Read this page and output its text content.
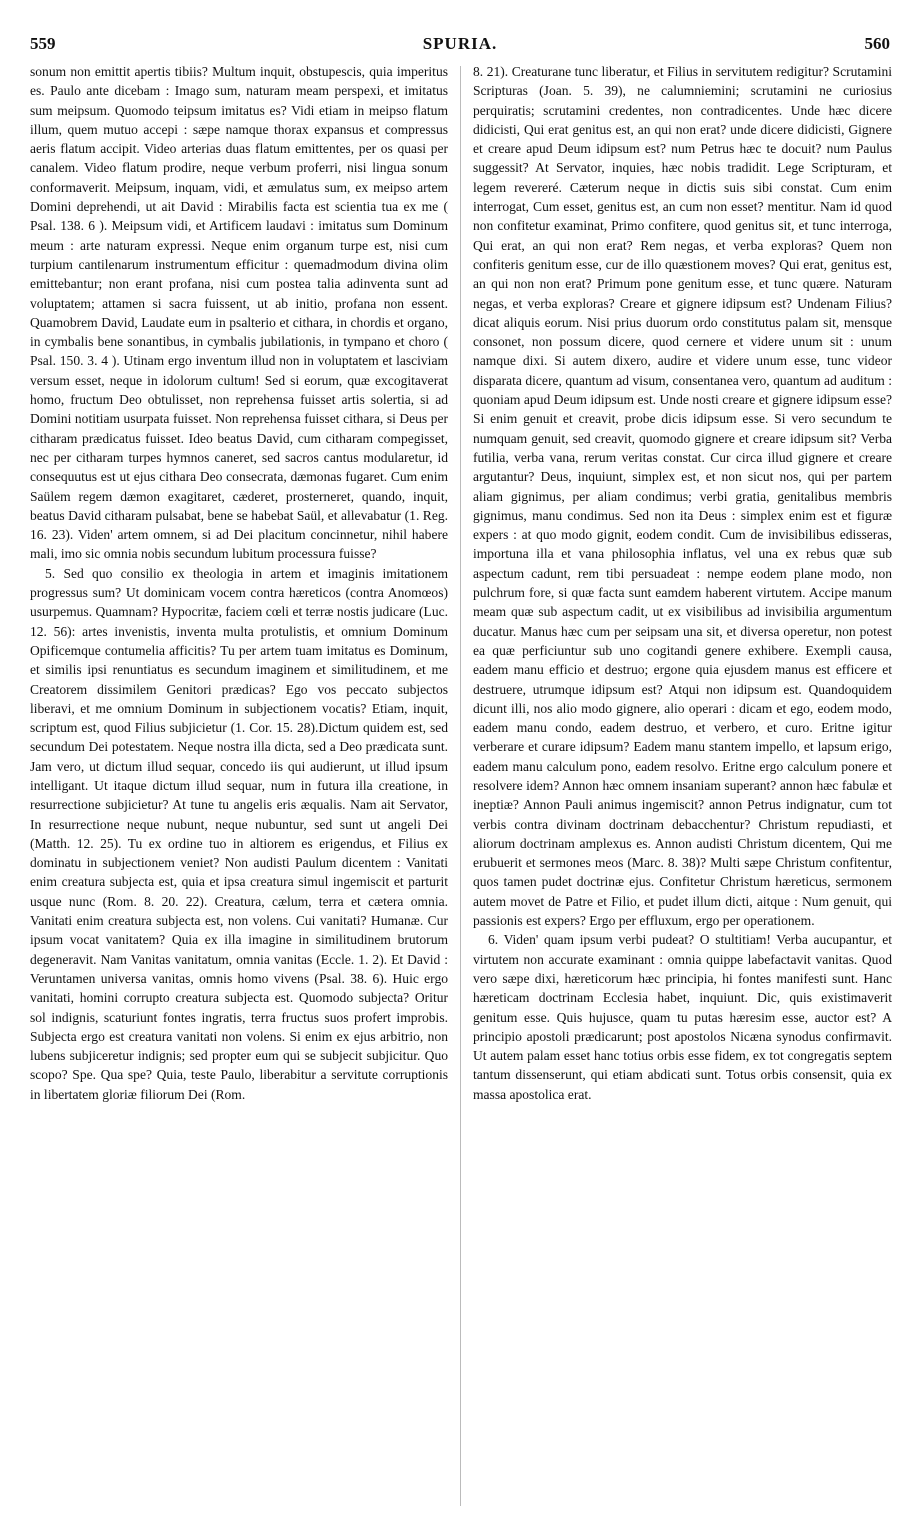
559	SPURIA.	560

sonum non emittit apertis tibiis? Multum inquit, obstupescis, quia imperitus es. Paulo ante dicebam : Imago sum, naturam meam perspexi, et imitatus sum meipsum. Quomodo teipsum imitatus es? Vidi etiam in meipso flatum illum, quem mutuo accepi : sæpe namque thorax expansus et compressus aeris flatum accipit. Video arterias duas flatum emittentes, per os quasi per canalem. Video flatum prodire, neque verbum proferri, nisi lingua sonum conformaverit. Meipsum, inquam, vidi, et æmulatus sum, ex meipso artem Domini deprehendi, ut ait David : Mirabilis facta est scientia tua ex me ( Psal. 138. 6 ). Meipsum vidi, et Artificem laudavi : imitatus sum Dominum meum : arte naturam expressi. Neque enim organum turpe est, nisi cum turpium cantilenarum instrumentum efficitur : quemadmodum divina olim emittebantur; non erant profana, nisi cum postea talia adinventa sunt ad voluptatem; attamen si sacra fuissent, ut ab initio, profana non essent. Quamobrem David, Laudate eum in psalterio et cithara, in chordis et organo, in cymbalis bene sonantibus, in cymbalis jubilationis, in tympano et choro ( Psal. 150. 3. 4 ). Utinam ergo inventum illud non in voluptatem et lasciviam versum esset, neque in idolorum cultum! Sed si eorum, quæ excogitaverat homo, fructum Deo obtulisset, non reprehensa fuisset artis solertia, si ad Domini notitiam usurpata fuisset. Non reprehensa fuisset cithara, si Deus per citharam prædicatus fuisset. Ideo beatus David, cum citharam compegisset, nec per citharam turpes hymnos caneret, sed sacros cantus modularetur, id consequutus est ut ejus cithara Deo consecrata, dæmonas fugaret. Cum enim Saülem regem dæmon exagitaret, cæderet, prosterneret, quando, inquit, beatus David citharam pulsabat, bene se habebat Saül, et allevabatur (1. Reg. 16. 23). Viden' artem omnem, si ad Dei placitum concinnetur, nihil habere mali, imo sic omnia nobis secundum lubitum processura fuisse?

5. Sed quo consilio ex theologia in artem et imaginis imitationem progressus sum? Ut dominicam vocem contra hæreticos (contra Anomœos) usurpemus. Quamnam? Hypocritæ, faciem cœli et terræ nostis judicare (Luc. 12. 56): artes invenistis, inventa multa protulistis, et omnium Dominum Opificemque contumelia afficitis? Tu per artem tuam imitatus es Dominum, et similis ipsi renuntiatus es secundum imaginem et similitudinem, et me Creatorem dissimilem Genitori prædicas? Ego vos peccato subjectos liberavi, et me omnium Dominum in subjectionem vocatis? Etiam, inquit, scriptum est, quod Filius subjicietur (1. Cor. 15. 28).Dictum quidem est, sed secundum Dei potestatem. Neque nostra illa dicta, sed a Deo prædicata sunt. Jam vero, ut dictum illud sequar, concedo iis qui audierunt, ut illud ipsum intelligant. Ut itaque dictum illud sequar, num in futura illa creatione, in resurrectione subjicietur? At tune tu angelis eris æqualis. Nam ait Servator, In resurrectione neque nubunt, neque nubuntur, sed sunt ut angeli Dei (Matth. 12. 25). Tu ex ordine tuo in altiorem es erigendus, et Filius ex dominatu in subjectionem veniet? Non audisti Paulum dicentem : Vanitati enim creatura subjecta est, quia et ipsa creatura simul ingemiscit et parturit usque nunc (Rom. 8. 20. 22). Creatura, cælum, terra et cætera omnia. Vanitati enim creatura subjecta est, non volens. Cui vanitati? Humanæ. Cur ipsum vocat vanitatem? Quia ex illa imagine in similitudinem brutorum degeneravit. Nam Vanitas vanitatum, omnia vanitas (Eccle. 1. 2). Et David : Veruntamen universa vanitas, omnis homo vivens (Psal. 38. 6). Huic ergo vanitati, homini corrupto creatura subjecta est. Quomodo subjecta? Oritur sol indignis, scaturiunt fontes ingratis, terra fructus suos profert improbis. Subjecta ergo est creatura vanitati non volens. Si enim ex ejus arbitrio, non lubens subjiceretur indignis; sed propter eum qui se subjecit subjicitur. Quo scopo? Spe. Qua spe? Quia, teste Paulo, liberabitur a servitute corruptionis in libertatem gloriæ filiorum Dei (Rom.

8. 21). Creaturane tunc liberatur, et Filius in servitutem redigitur? Scrutamini Scripturas (Joan. 5. 39), ne calumniemini; scrutamini ne curiosius perquiratis; scrutamini credentes, non contradicentes. Unde hæc dicere didicisti, Qui erat genitus est, an qui non erat? unde dicere didicisti, Gignere et creare apud Deum idipsum est? num Petrus hæc te docuit? num Paulus suggessit? At Servator, inquies, hæc nobis tradidit. Lege Scripturam, et legem revereré. Cæterum neque in dictis suis sibi constat. Cum enim interrogat, Cum esset, genitus est, an cum non esset? mentitur. Nam id quod non confitetur examinat, Primo confitere, quod genitus sit, et tunc interroga, Qui erat, an qui non erat? Rem negas, et verba exploras? Quem non confiteris genitum esse, cur de illo quæstionem moves? Qui erat, genitus est, an qui non non erat? Primum pone genitum esse, et tunc quære. Naturam negas, et verba exploras? Creare et gignere idipsum est? Undenam Filius? dicat aliquis eorum. Nisi prius duorum ordo constitutus palam sit, mensque consonet, non possum dicere, quod cernere et videre unum sit : unum namque dixi. Si autem dixero, audire et videre unum esse, tunc videor disparata dicere, quantum ad visum, consentanea vero, quantum ad auditum : quoniam apud Deum idipsum est. Unde nosti creare et gignere idipsum esse? Si enim genuit et creavit, probe dicis idipsum esse. Si vero secundum te numquam genuit, sed creavit, quomodo gignere et creare idipsum sit? Verba futilia, verba vana, rerum veritas constat. Cur circa illud gignere et creare argutantur? Deus, inquiunt, simplex est, et non sicut nos, qui per partem aliam gignimus, per aliam condimus; verbi gratia, genitalibus membris gignimus, manu condimus. Sed non ita Deus : simplex enim est et figuræ expers : at quo modo gignit, eodem condit. Cum de invisibilibus edisseras, importuna illa et vana philosophia inflatus, vel una ex rebus quæ sub aspectum cadunt, rem tibi persuadeat : nempe eodem plane modo, non pulchrum fore, si quæ facta sunt eamdem haberent virtutem. Accipe manum meam quæ sub aspectum cadit, ut ex visibilibus ad invisibilia argumentum ducatur. Manus hæc cum per seipsam una sit, et diversa operetur, non potest ea quæ perficiuntur sub uno cogitandi genere exhibere. Exempli causa, eadem manu efficio et destruo; ergone quia ejusdem manus est efficere et destruere, utrumque idipsum est? Atqui non idipsum est. Quandoquidem dicunt illi, nos alio modo gignere, alio operari : dicam et ego, eodem modo, eadem manu condo, eadem destruo, et verbero, et curo. Eritne igitur verberare et curare idipsum? Eadem manu stantem impello, et lapsum erigo, eadem manu calculum pono, eadem resolvo. Eritne ergo calculum ponere et resolvere idem? Annon hæc omnem insaniam superant? annon hæc fabulæ et ineptiæ? Annon Pauli animus ingemiscit? annon Petrus indignatur, cum tot verbis contra divinam doctrinam debacchentur? Christum repudiasti, et aliorum doctrinam amplexus es. Annon audisti Christum dicentem, Qui me erubuerit et sermones meos (Marc. 8. 38)? Multi sæpe Christum confitentur, quos tamen pudet doctrinæ ejus. Confitetur Christum hæreticus, sermonem autem movet de Patre et Filio, et pudet illum dicti, aitque : Num genuit, qui passionis est expers? Ergo per effluxum, ergo per operationem.

6. Viden' quam ipsum verbi pudeat? O stultitiam! Verba aucupantur, et virtutem non accurate examinant : omnia quippe labefactavit vanitas. Quod vero sæpe dixi, hæreticorum hæc principia, hi fontes manifesti sunt. Hanc hæreticam doctrinam Ecclesia habet, inquiunt. Dic, quis existimaverit genitum esse. Quis hujusce, quam tu putas hæresim esse, auctor est? A principio apostoli prædicarunt; post apostolos Nicæna synodus confirmavit. Ut autem palam esset hanc totius orbis esse fidem, ex tot congregatis septem tantum dissenserunt, qui etiam abdicati sunt. Totus orbis consensit, quia ex massa apostolica erat.
